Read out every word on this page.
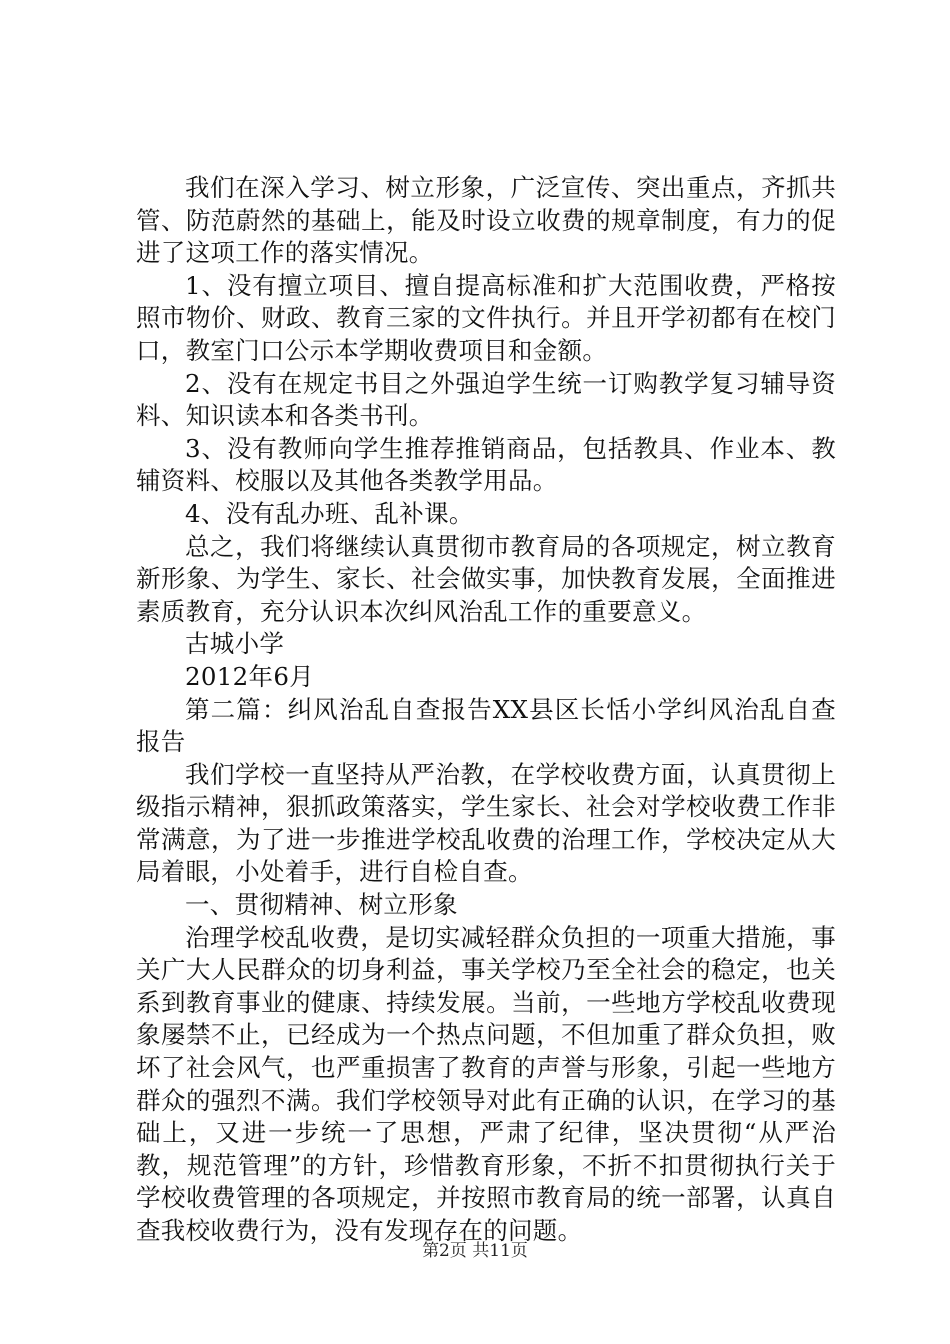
我们在深入学习、树立形象，广泛宣传、突出重点，齐抓共管、防范蔚然的基础上，能及时设立收费的规章制度，有力的促进了这项工作的落实情况。

1、没有擅立项目、擅自提高标准和扩大范围收费，严格按照市物价、财政、教育三家的文件执行。并且开学初都有在校门口，教室门口公示本学期收费项目和金额。

2、没有在规定书目之外强迫学生统一订购教学复习辅导资料、知识读本和各类书刊。

3、没有教师向学生推荐推销商品，包括教具、作业本、教辅资料、校服以及其他各类教学用品。

4、没有乱办班、乱补课。

总之，我们将继续认真贯彻市教育局的各项规定，树立教育新形象、为学生、家长、社会做实事，加快教育发展，全面推进素质教育，充分认识本次纠风治乱工作的重要意义。

古城小学

2012年6月

第二篇：纠风治乱自查报告XX县区长恬小学纠风治乱自查报告

我们学校一直坚持从严治教，在学校收费方面，认真贯彻上级指示精神，狠抓政策落实，学生家长、社会对学校收费工作非常满意，为了进一步推进学校乱收费的治理工作，学校决定从大局着眼，小处着手，进行自检自查。

一、贯彻精神、树立形象

治理学校乱收费，是切实减轻群众负担的一项重大措施，事关广大人民群众的切身利益，事关学校乃至全社会的稳定，也关系到教育事业的健康、持续发展。当前，一些地方学校乱收费现象屡禁不止，已经成为一个热点问题，不但加重了群众负担，败坏了社会风气，也严重损害了教育的声誉与形象，引起一些地方群众的强烈不满。我们学校领导对此有正确的认识，在学习的基础上，又进一步统一了思想，严肃了纪律，坚决贯彻“从严治教，规范管理”的方针，珍惜教育形象，不折不扣贯彻执行关于学校收费管理的各项规定，并按照市教育局的统一部署，认真自查我校收费行为，没有发现存在的问题。

第2页 共11页
